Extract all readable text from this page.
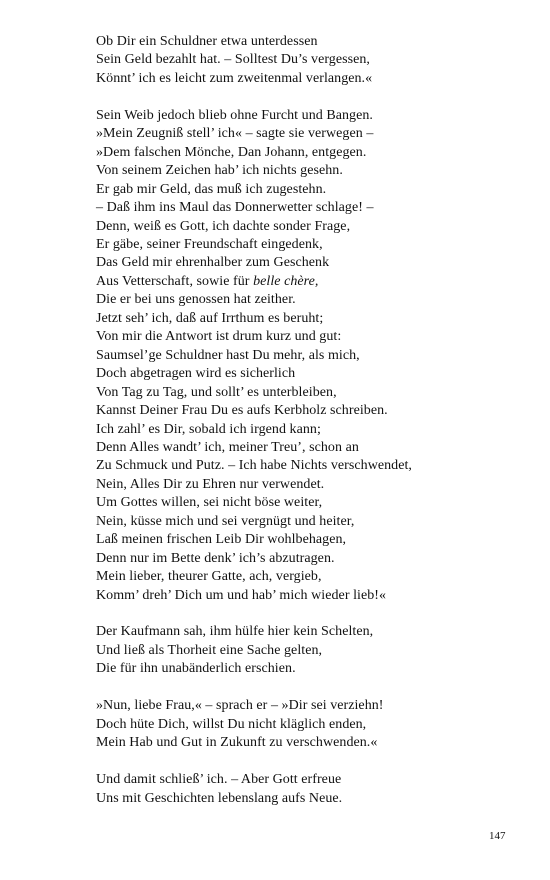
Ob Dir ein Schuldner etwa unterdessen
Sein Geld bezahlt hat. – Solltest Du’s vergessen,
Könnt’ ich es leicht zum zweitenmal verlangen.«
Sein Weib jedoch blieb ohne Furcht und Bangen.
»Mein Zeugniß stell’ ich« – sagte sie verwegen –
»Dem falschen Mönche, Dan Johann, entgegen.
Von seinem Zeichen hab’ ich nichts gesehn.
Er gab mir Geld, das muß ich zugestehn.
– Daß ihm ins Maul das Donnerwetter schlage! –
Denn, weiß es Gott, ich dachte sonder Frage,
Er gäbe, seiner Freundschaft eingedenk,
Das Geld mir ehrenhalber zum Geschenk
Aus Vetterschaft, sowie für belle chère,
Die er bei uns genossen hat zeither.
Jetzt seh’ ich, daß auf Irrthum es beruht;
Von mir die Antwort ist drum kurz und gut:
Saumsel’ge Schuldner hast Du mehr, als mich,
Doch abgetragen wird es sicherlich
Von Tag zu Tag, und sollt’ es unterbleiben,
Kannst Deiner Frau Du es aufs Kerbholz schreiben.
Ich zahl’ es Dir, sobald ich irgend kann;
Denn Alles wandt’ ich, meiner Treu’, schon an
Zu Schmuck und Putz. – Ich habe Nichts verschwendet,
Nein, Alles Dir zu Ehren nur verwendet.
Um Gottes willen, sei nicht böse weiter,
Nein, küsse mich und sei vergnügt und heiter,
Laß meinen frischen Leib Dir wohlbehagen,
Denn nur im Bette denk’ ich’s abzutragen.
Mein lieber, theurer Gatte, ach, vergieb,
Komm’ dreh’ Dich um und hab’ mich wieder lieb!«
Der Kaufmann sah, ihm hülfe hier kein Schelten,
Und ließ als Thorheit eine Sache gelten,
Die für ihn unabänderlich erschien.
»Nun, liebe Frau,« – sprach er – »Dir sei verziehn!
Doch hüte Dich, willst Du nicht kläglich enden,
Mein Hab und Gut in Zukunft zu verschwenden.«
Und damit schließ’ ich. – Aber Gott erfreue
Uns mit Geschichten lebenslang aufs Neue.
147
